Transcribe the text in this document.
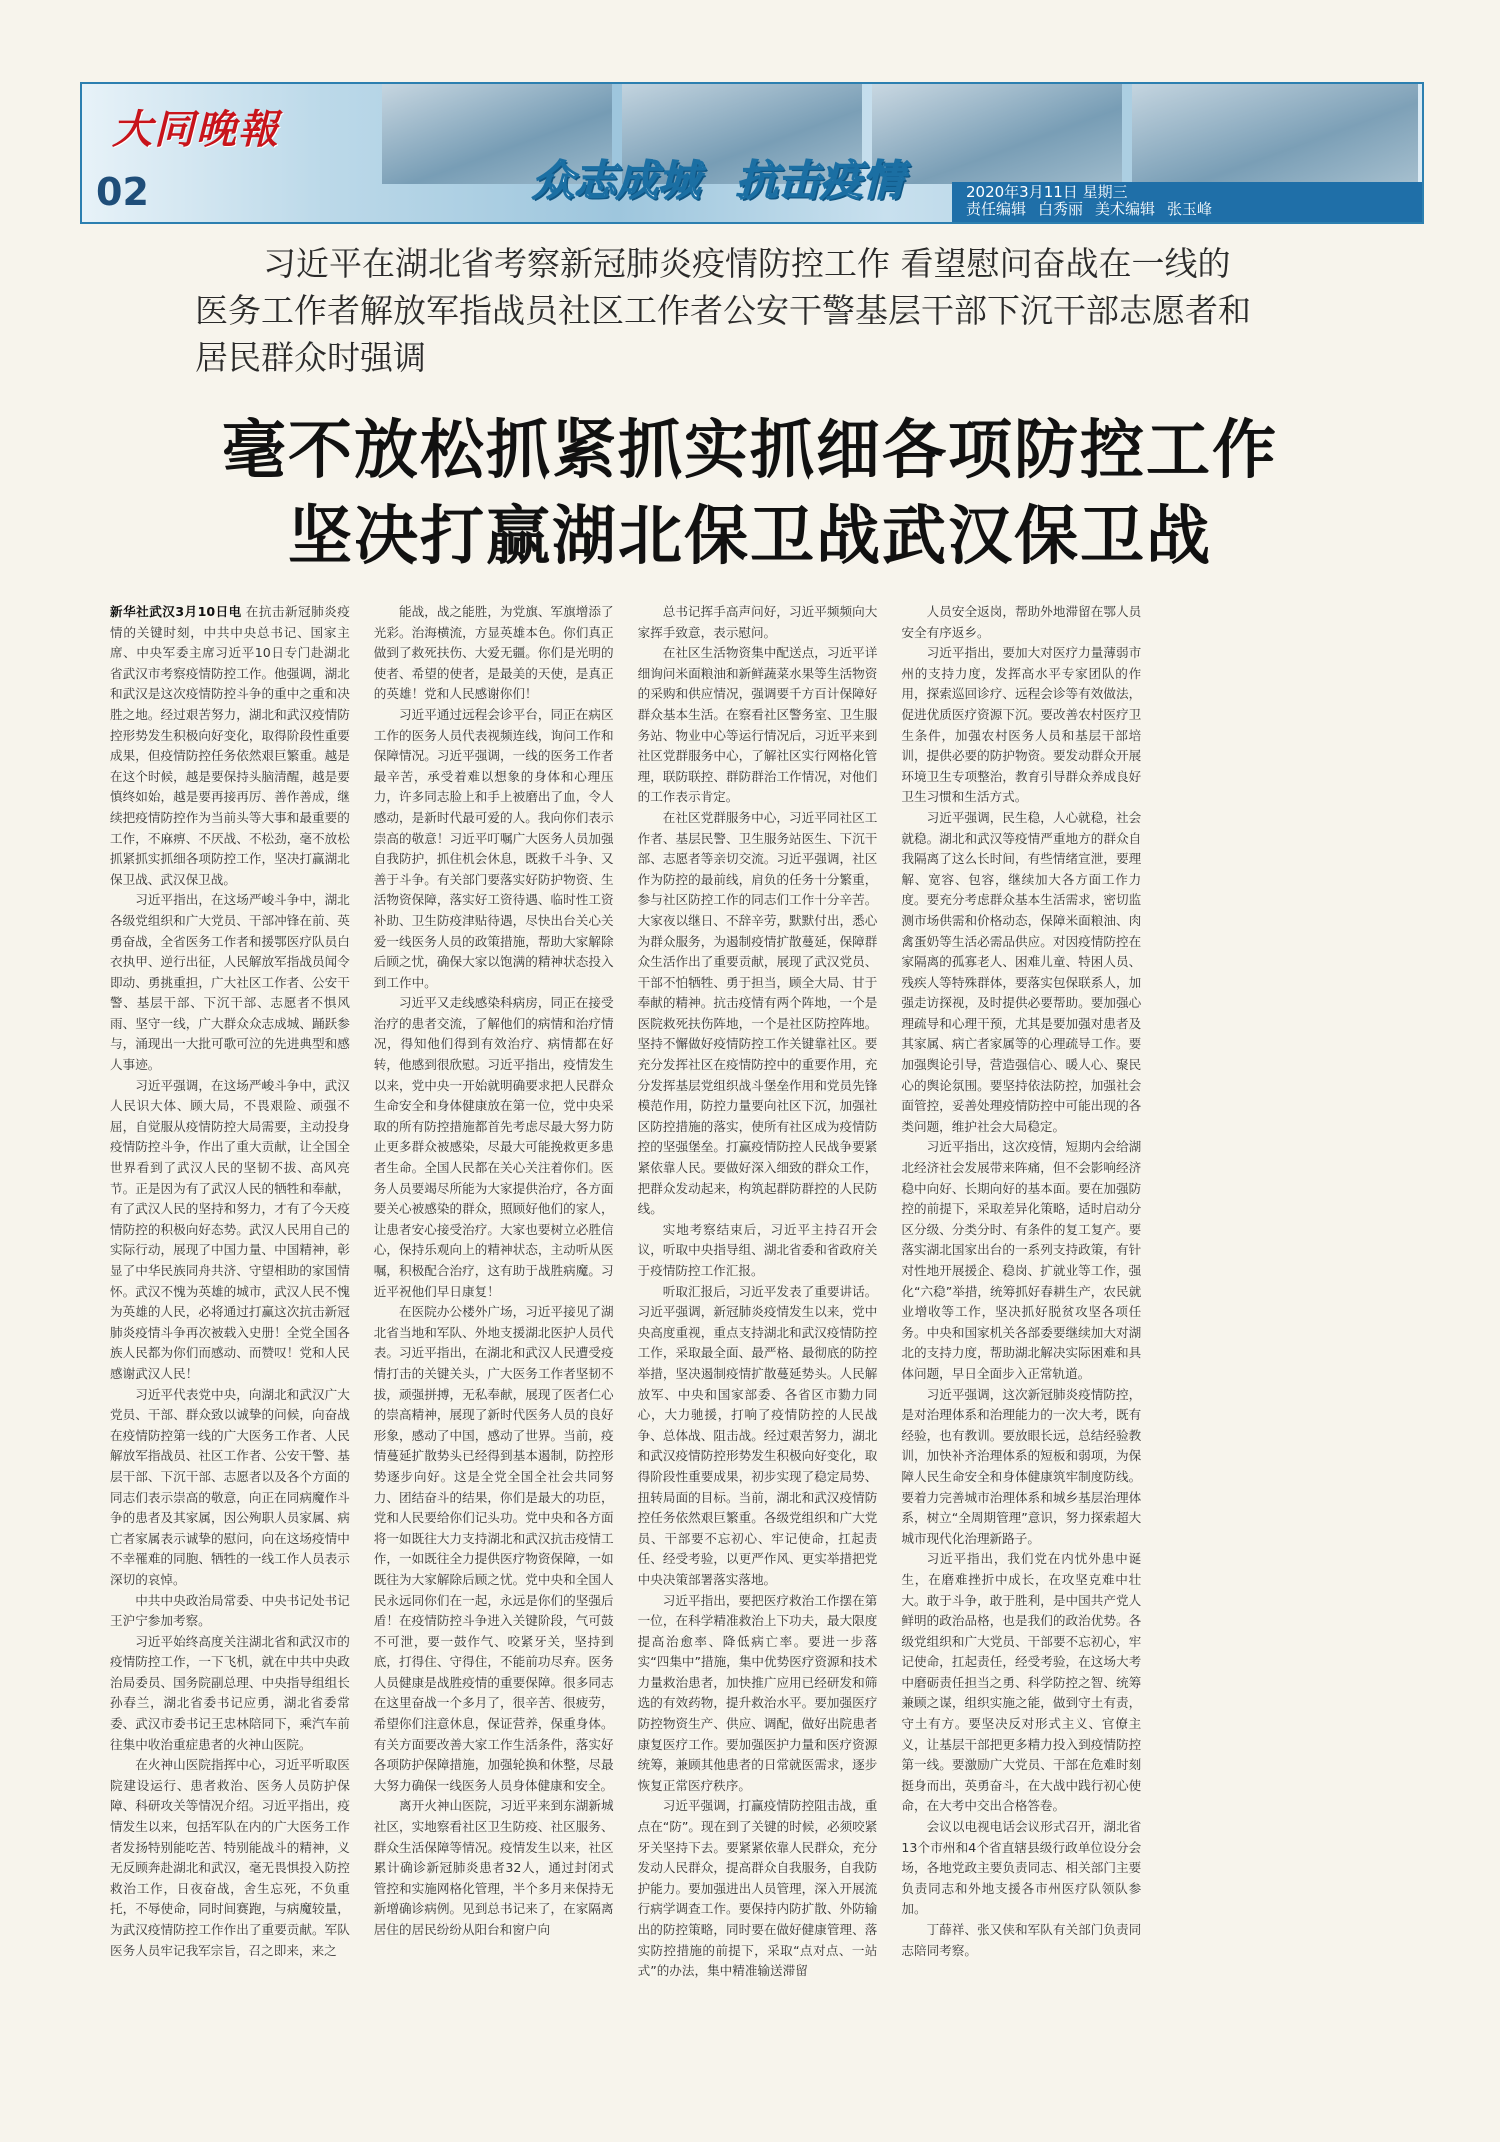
大同晚報
02	众志成城 抗击疫情	2020年3月11日 星期三
责任编辑 白秀丽 美术编辑 张玉峰
习近平在湖北省考察新冠肺炎疫情防控工作 看望慰问奋战在一线的
医务工作者解放军指战员社区工作者公安干警基层干部下沉干部志愿者和
居民群众时强调
毫不放松抓紧抓实抓细各项防控工作
坚决打赢湖北保卫战武汉保卫战

新华社武汉3月10日电 在抗击新冠肺炎疫情的关键时刻，中共中央总书记、国家主席、中央军委主席习近平10日专门赴湖北省武汉市考察疫情防控工作。他强调，湖北和武汉是这次疫情防控斗争的重中之重和决胜之地。经过艰苦努力，湖北和武汉疫情防控形势发生积极向好变化，取得阶段性重要成果，但疫情防控任务依然艰巨繁重。越是在这个时候，越是要保持头脑清醒，越是要慎终如始，越是要再接再厉、善作善成，继续把疫情防控作为当前头等大事和最重要的工作，不麻痹、不厌战、不松劲，毫不放松抓紧抓实抓细各项防控工作，坚决打赢湖北保卫战、武汉保卫战。

习近平指出，在这场严峻斗争中，湖北各级党组织和广大党员、干部冲锋在前、英勇奋战，全省医务工作者和援鄂医疗队员白衣执甲、逆行出征，人民解放军指战员闻令即动、勇挑重担，广大社区工作者、公安干警、基层干部、下沉干部、志愿者不惧风雨、坚守一线，广大群众众志成城、踊跃参与，涌现出一大批可歌可泣的先进典型和感人事迹。

习近平强调，在这场严峻斗争中，武汉人民识大体、顾大局，不畏艰险、顽强不屈，自觉服从疫情防控大局需要，主动投身疫情防控斗争，作出了重大贡献，让全国全世界看到了武汉人民的坚韧不拔、高风亮节。正是因为有了武汉人民的牺牲和奉献，有了武汉人民的坚持和努力，才有了今天疫情防控的积极向好态势。武汉人民用自己的实际行动，展现了中国力量、中国精神，彰显了中华民族同舟共济、守望相助的家国情怀。武汉不愧为英雄的城市，武汉人民不愧为英雄的人民，必将通过打赢这次抗击新冠肺炎疫情斗争再次被载入史册！全党全国各族人民都为你们而感动、而赞叹！党和人民感谢武汉人民！

习近平代表党中央，向湖北和武汉广大党员、干部、群众致以诚挚的问候，向奋战在疫情防控第一线的广大医务工作者、人民解放军指战员、社区工作者、公安干警、基层干部、下沉干部、志愿者以及各个方面的同志们表示崇高的敬意，向正在同病魔作斗争的患者及其家属，因公殉职人员家属、病亡者家属表示诚挚的慰问，向在这场疫情中不幸罹难的同胞、牺牲的一线工作人员表示深切的哀悼。

中共中央政治局常委、中央书记处书记王沪宁参加考察。

习近平始终高度关注湖北省和武汉市的疫情防控工作，一下飞机，就在中共中央政治局委员、国务院副总理、中央指导组组长孙春兰，湖北省委书记应勇，湖北省委常委、武汉市委书记王忠林陪同下，乘汽车前往集中收治重症患者的火神山医院。

在火神山医院指挥中心，习近平听取医院建设运行、患者救治、医务人员防护保障、科研攻关等情况介绍。习近平指出，疫情发生以来，包括军队在内的广大医务工作者发扬特别能吃苦、特别能战斗的精神，义无反顾奔赴湖北和武汉，毫无畏惧投入防控救治工作，日夜奋战，舍生忘死，不负重托，不辱使命，同时间赛跑，与病魔较量，为武汉疫情防控工作作出了重要贡献。军队医务人员牢记我军宗旨，召之即来，来之

能战，战之能胜，为党旗、军旗增添了光彩。治海横流，方显英雄本色。你们真正做到了救死扶伤、大爱无疆。你们是光明的使者、希望的使者，是最美的天使，是真正的英雄！党和人民感谢你们！

习近平通过远程会诊平台，同正在病区工作的医务人员代表视频连线，询问工作和保障情况。习近平强调，一线的医务工作者最辛苦，承受着难以想象的身体和心理压力，许多同志脸上和手上被磨出了血，令人感动，是新时代最可爱的人。我向你们表示崇高的敬意！习近平叮嘱广大医务人员加强自我防护，抓住机会休息，既救千斗争、又善于斗争。有关部门要落实好防护物资、生活物资保障，落实好工资待遇、临时性工资补助、卫生防疫津贴待遇，尽快出台关心关爱一线医务人员的政策措施，帮助大家解除后顾之忧，确保大家以饱满的精神状态投入到工作中。

习近平又走线感染科病房，同正在接受治疗的患者交流，了解他们的病情和治疗情况，得知他们得到有效治疗、病情都在好转，他感到很欣慰。习近平指出，疫情发生以来，党中央一开始就明确要求把人民群众生命安全和身体健康放在第一位，党中央采取的所有防控措施都首先考虑尽最大努力防止更多群众被感染，尽最大可能挽救更多患者生命。全国人民都在关心关注着你们。医务人员要竭尽所能为大家提供治疗，各方面要关心被感染的群众，照顾好他们的家人，让患者安心接受治疗。大家也要树立必胜信心，保持乐观向上的精神状态，主动听从医嘱，积极配合治疗，这有助于战胜病魔。习近平祝他们早日康复！

在医院办公楼外广场，习近平接见了湖北省当地和军队、外地支援湖北医护人员代表。习近平指出，在湖北和武汉人民遭受疫情打击的关键关头，广大医务工作者坚韧不拔，顽强拼搏，无私奉献，展现了医者仁心的崇高精神，展现了新时代医务人员的良好形象，感动了中国，感动了世界。当前，疫情蔓延扩散势头已经得到基本遏制，防控形势逐步向好。这是全党全国全社会共同努力、团结奋斗的结果，你们是最大的功臣，党和人民要给你们记头功。党中央和各方面将一如既往大力支持湖北和武汉抗击疫情工作，一如既往全力提供医疗物资保障，一如既往为大家解除后顾之忧。党中央和全国人民永远同你们在一起，永远是你们的坚强后盾！在疫情防控斗争进入关键阶段，气可鼓不可泄，要一鼓作气、咬紧牙关，坚持到底，打得住、守得住，不能前功尽弃。医务人员健康是战胜疫情的重要保障。很多同志在这里奋战一个多月了，很辛苦、很疲劳，希望你们注意休息，保证营养，保重身体。有关方面要改善大家工作生活条件，落实好各项防护保障措施，加强轮换和休整，尽最大努力确保一线医务人员身体健康和安全。

离开火神山医院，习近平来到东湖新城社区，实地察看社区卫生防疫、社区服务、群众生活保障等情况。疫情发生以来，社区累计确诊新冠肺炎患者32人，通过封闭式管控和实施网格化管理，半个多月来保持无新增确诊病例。见到总书记来了，在家隔离居住的居民纷纷从阳台和窗户向

总书记挥手高声问好，习近平频频向大家挥手致意，表示慰问。

在社区生活物资集中配送点，习近平详细询问米面粮油和新鲜蔬菜水果等生活物资的采购和供应情况，强调要千方百计保障好群众基本生活。在察看社区警务室、卫生服务站、物业中心等运行情况后，习近平来到社区党群服务中心，了解社区实行网格化管理，联防联控、群防群治工作情况，对他们的工作表示肯定。

在社区党群服务中心，习近平同社区工作者、基层民警、卫生服务站医生、下沉干部、志愿者等亲切交流。习近平强调，社区作为防控的最前线，肩负的任务十分繁重，参与社区防控工作的同志们工作十分辛苦。大家夜以继日、不辞辛劳，默默付出，悉心为群众服务，为遏制疫情扩散蔓延，保障群众生活作出了重要贡献，展现了武汉党员、干部不怕牺牲、勇于担当，顾全大局、甘于奉献的精神。抗击疫情有两个阵地，一个是医院救死扶伤阵地，一个是社区防控阵地。坚持不懈做好疫情防控工作关键靠社区。要充分发挥社区在疫情防控中的重要作用，充分发挥基层党组织战斗堡垒作用和党员先锋模范作用，防控力量要向社区下沉，加强社区防控措施的落实，使所有社区成为疫情防控的坚强堡垒。打赢疫情防控人民战争要紧紧依靠人民。要做好深入细致的群众工作，把群众发动起来，构筑起群防群控的人民防线。

实地考察结束后，习近平主持召开会议，听取中央指导组、湖北省委和省政府关于疫情防控工作汇报。

听取汇报后，习近平发表了重要讲话。习近平强调，新冠肺炎疫情发生以来，党中央高度重视，重点支持湖北和武汉疫情防控工作，采取最全面、最严格、最彻底的防控举措，坚决遏制疫情扩散蔓延势头。人民解放军、中央和国家部委、各省区市勠力同心，大力驰援，打响了疫情防控的人民战争、总体战、阻击战。经过艰苦努力，湖北和武汉疫情防控形势发生积极向好变化，取得阶段性重要成果，初步实现了稳定局势、扭转局面的目标。当前，湖北和武汉疫情防控任务依然艰巨繁重。各级党组织和广大党员、干部要不忘初心、牢记使命，扛起责任、经受考验，以更严作风、更实举措把党中央决策部署落实落地。

习近平指出，要把医疗救治工作摆在第一位，在科学精准救治上下功夫，最大限度提高治愈率、降低病亡率。要进一步落实“四集中”措施，集中优势医疗资源和技术力量救治患者，加快推广应用已经研发和筛选的有效药物，提升救治水平。要加强医疗防控物资生产、供应、调配，做好出院患者康复医疗工作。要加强医护力量和医疗资源统筹，兼顾其他患者的日常就医需求，逐步恢复正常医疗秩序。

习近平强调，打赢疫情防控阻击战，重点在“防”。现在到了关键的时候，必须咬紧牙关坚持下去。要紧紧依靠人民群众，充分发动人民群众，提高群众自我服务，自我防护能力。要加强进出人员管理，深入开展流行病学调查工作。要保持内防扩散、外防输出的防控策略，同时要在做好健康管理、落实防控措施的前提下，采取“点对点、一站式”的办法，集中精准输送滞留

人员安全返岗，帮助外地滞留在鄂人员安全有序返乡。

习近平指出，要加大对医疗力量薄弱市州的支持力度，发挥高水平专家团队的作用，探索巡回诊疗、远程会诊等有效做法，促进优质医疗资源下沉。要改善农村医疗卫生条件，加强农村医务人员和基层干部培训，提供必要的防护物资。要发动群众开展环境卫生专项整治，教育引导群众养成良好卫生习惯和生活方式。

习近平强调，民生稳，人心就稳，社会就稳。湖北和武汉等疫情严重地方的群众自我隔离了这么长时间，有些情绪宣泄，要理解、宽容、包容，继续加大各方面工作力度。要充分考虑群众基本生活需求，密切监测市场供需和价格动态，保障米面粮油、肉禽蛋奶等生活必需品供应。对因疫情防控在家隔离的孤寡老人、困难儿童、特困人员、残疾人等特殊群体，要落实包保联系人，加强走访探视，及时提供必要帮助。要加强心理疏导和心理干预，尤其是要加强对患者及其家属、病亡者家属等的心理疏导工作。要加强舆论引导，营造强信心、暖人心、聚民心的舆论氛围。要坚持依法防控，加强社会面管控，妥善处理疫情防控中可能出现的各类问题，维护社会大局稳定。

习近平指出，这次疫情，短期内会给湖北经济社会发展带来阵痛，但不会影响经济稳中向好、长期向好的基本面。要在加强防控的前提下，采取差异化策略，适时启动分区分级、分类分时、有条件的复工复产。要落实湖北国家出台的一系列支持政策，有针对性地开展援企、稳岗、扩就业等工作，强化“六稳”举措，统筹抓好春耕生产，农民就业增收等工作，坚决抓好脱贫攻坚各项任务。中央和国家机关各部委要继续加大对湖北的支持力度，帮助湖北解决实际困难和具体问题，早日全面步入正常轨道。

习近平强调，这次新冠肺炎疫情防控，是对治理体系和治理能力的一次大考，既有经验，也有教训。要放眼长远，总结经验教训，加快补齐治理体系的短板和弱项，为保障人民生命安全和身体健康筑牢制度防线。要着力完善城市治理体系和城乡基层治理体系，树立“全周期管理”意识，努力探索超大城市现代化治理新路子。

习近平指出，我们党在内忧外患中诞生，在磨难挫折中成长，在攻坚克难中壮大。敢于斗争，敢于胜利，是中国共产党人鲜明的政治品格，也是我们的政治优势。各级党组织和广大党员、干部要不忘初心，牢记使命，扛起责任，经受考验，在这场大考中磨砺责任担当之勇、科学防控之智、统筹兼顾之谋，组织实施之能，做到守土有责，守土有方。要坚决反对形式主义、官僚主义，让基层干部把更多精力投入到疫情防控第一线。要激励广大党员、干部在危难时刻挺身而出，英勇奋斗，在大战中践行初心使命，在大考中交出合格答卷。

会议以电视电话会议形式召开，湖北省13个市州和4个省直辖县级行政单位设分会场，各地党政主要负责同志、相关部门主要负责同志和外地支援各市州医疗队领队参加。

丁薛祥、张又侠和军队有关部门负责同志陪同考察。
